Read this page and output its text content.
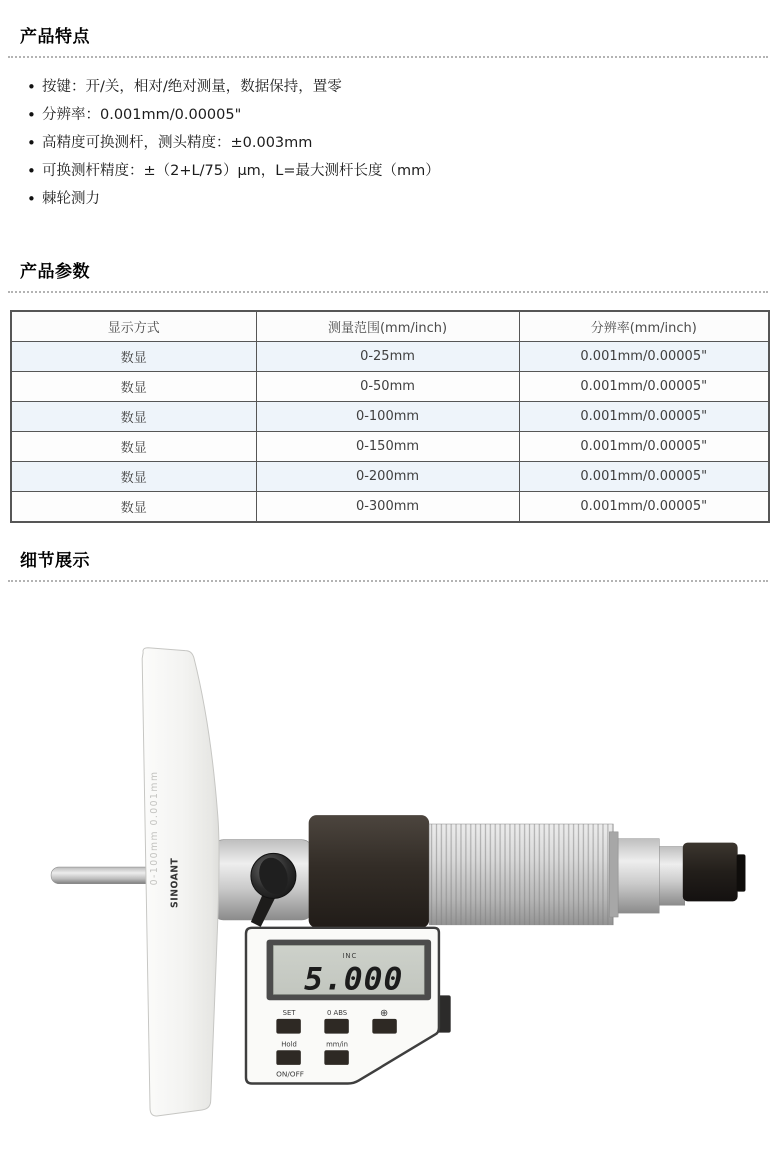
产品特点
• 按键：开/关，相对/绝对测量，数据保持，置零
• 分辨率：0.001mm/0.00005"
• 高精度可换测杆，测头精度：±0.003mm
• 可换测杆精度：±（2+L/75）μm，L=最大测杆长度（mm）
• 棘轮测力
产品参数
显示方式	测量范围(mm/inch)	分辨率(mm/inch)
数显	0-25mm	0.001mm/0.00005"
数显	0-50mm	0.001mm/0.00005"
数显	0-100mm	0.001mm/0.00005"
数显	0-150mm	0.001mm/0.00005"
数显	0-200mm	0.001mm/0.00005"
数显	0-300mm	0.001mm/0.00005"
细节展示
0-100mm 0.001mm SINOANT
INC
5.000
SET	0 ABS	⊕
Hold	mm/in
ON/OFF
